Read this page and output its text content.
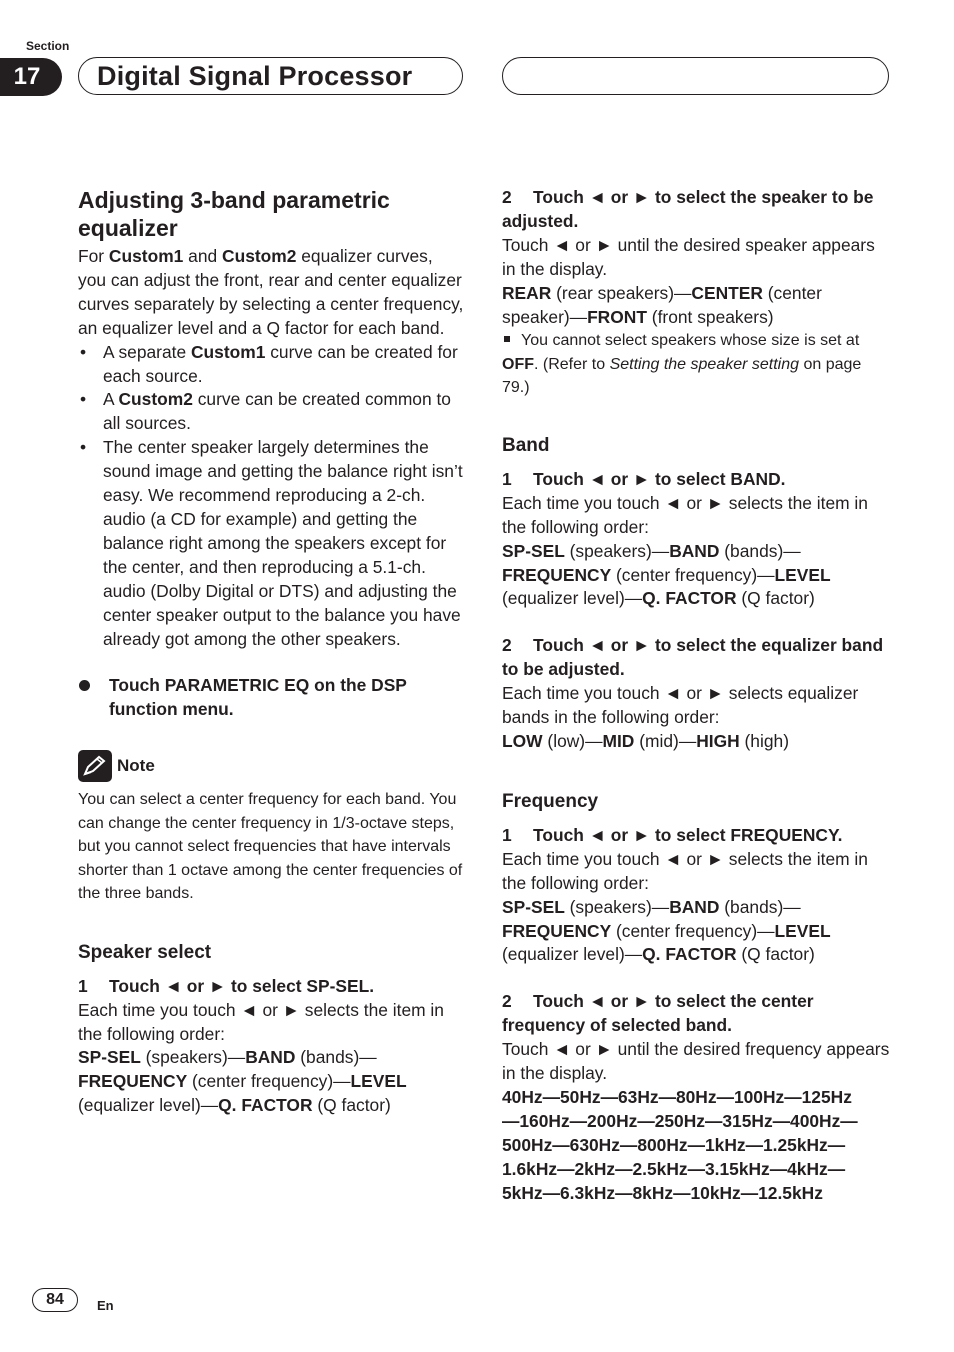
Section
17	Digital Signal Processor
Adjusting 3-band parametric
equalizer

For Custom1 and Custom2 equalizer curves, you can adjust the front, rear and center equalizer curves separately by selecting a center frequency, an equalizer level and a Q factor for each band.

• A separate Custom1 curve can be created for each source.
• A Custom2 curve can be created common to all sources.
• The center speaker largely determines the sound image and getting the balance right isn’t easy. We recommend reproducing a 2-ch. audio (a CD for example) and getting the balance right among the speakers except for the center, and then reproducing a 5.1-ch. audio (Dolby Digital or DTS) and adjusting the center speaker output to the balance you have already got among the other speakers.

Touch PARAMETRIC EQ on the DSP function menu.

Note

You can select a center frequency for each band. You can change the center frequency in 1/3-octave steps, but you cannot select frequencies that have intervals shorter than 1 octave among the center frequencies of the three bands.

Speaker select

1 Touch ◄ or ► to select SP-SEL.

Each time you touch ◄ or ► selects the item in the following order:

SP-SEL (speakers)—BAND (bands)—
FREQUENCY (center frequency)—LEVEL
(equalizer level)—Q. FACTOR (Q factor)

2 Touch ◄ or ► to select the speaker to be adjusted.

Touch ◄ or ► until the desired speaker appears in the display.

REAR (rear speakers)—CENTER (center speaker)—FRONT (front speakers)

You cannot select speakers whose size is set at OFF. (Refer to Setting the speaker setting on page 79.)

Band

1 Touch ◄ or ► to select BAND.

Each time you touch ◄ or ► selects the item in the following order:

SP-SEL (speakers)—BAND (bands)—
FREQUENCY (center frequency)—LEVEL
(equalizer level)—Q. FACTOR (Q factor)

2 Touch ◄ or ► to select the equalizer band to be adjusted.

Each time you touch ◄ or ► selects equalizer bands in the following order:

LOW (low)—MID (mid)—HIGH (high)

Frequency

1 Touch ◄ or ► to select FREQUENCY.

Each time you touch ◄ or ► selects the item in the following order:

SP-SEL (speakers)—BAND (bands)—
FREQUENCY (center frequency)—LEVEL
(equalizer level)—Q. FACTOR (Q factor)

2 Touch ◄ or ► to select the center frequency of selected band.

Touch ◄ or ► until the desired frequency appears in the display.

40Hz—50Hz—63Hz—80Hz—100Hz—125Hz
—160Hz—200Hz—250Hz—315Hz—400Hz—
500Hz—630Hz—800Hz—1kHz—1.25kHz—
1.6kHz—2kHz—2.5kHz—3.15kHz—4kHz—
5kHz—6.3kHz—8kHz—10kHz—12.5kHz
84	En
